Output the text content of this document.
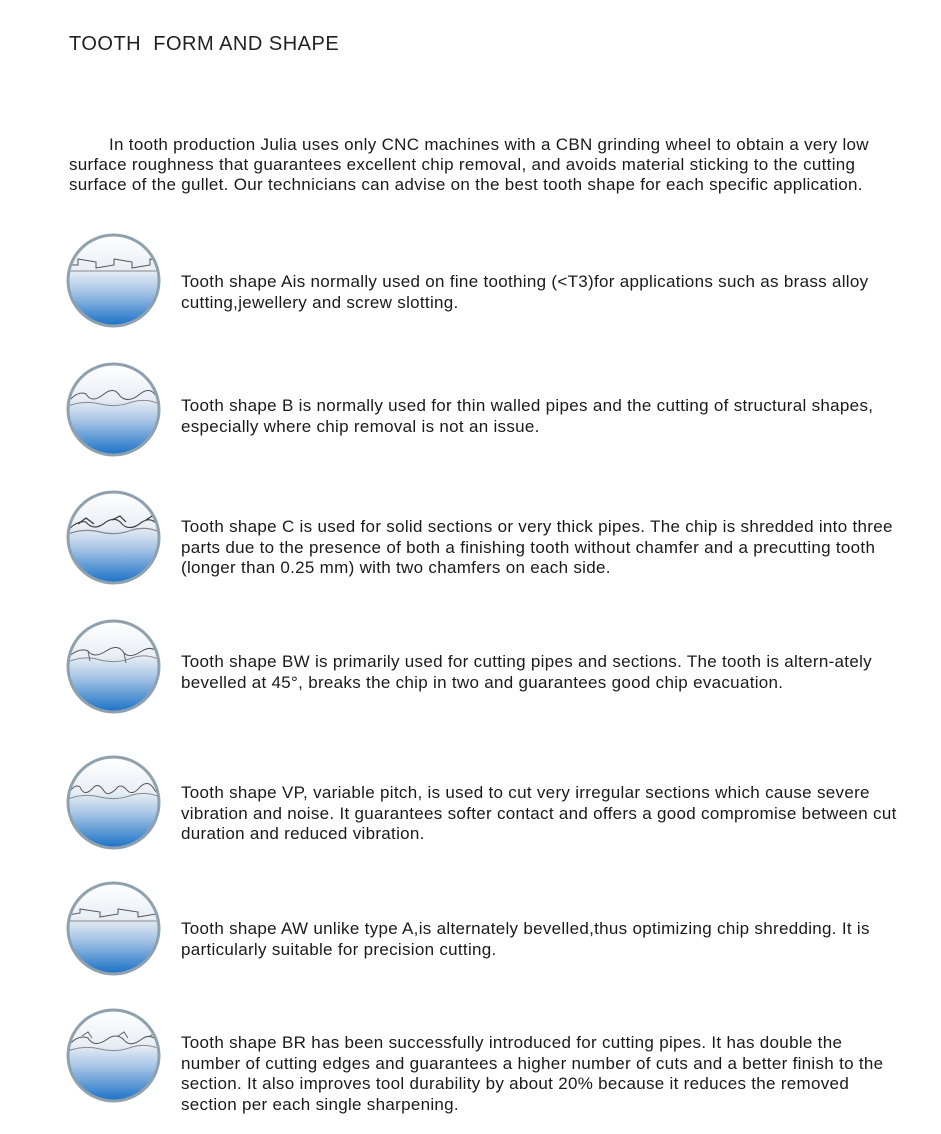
TOOTH  FORM AND SHAPE

In tooth production Julia uses only CNC machines with a CBN grinding wheel to obtain a very low surface roughness that guarantees excellent chip removal, and avoids material sticking to the cutting surface of the gullet. Our technicians can advise on the best tooth shape for each specific application.

Tooth shape Ais normally used on fine toothing (<T3)for applications such as brass alloy cutting,jewellery and screw slotting.

Tooth shape B is normally used for thin walled pipes and the cutting of structural shapes, especially where chip removal is not an issue.

Tooth shape C is used for solid sections or very thick pipes. The chip is shredded into three parts due to the presence of both a finishing tooth without chamfer and a precutting tooth (longer than 0.25 mm) with two chamfers on each side.

Tooth shape BW is primarily used for cutting pipes and sections. The tooth is altern-ately bevelled at 45°, breaks the chip in two and guarantees good chip evacuation.

Tooth shape VP, variable pitch, is used to cut very irregular sections which cause severe vibration and noise. It guarantees softer contact and offers a good compromise between cut duration and reduced vibration.

Tooth shape AW unlike type A,is alternately bevelled,thus optimizing chip shredding. It is particularly suitable for precision cutting.

Tooth shape BR has been successfully introduced for cutting pipes. It has double the number of cutting edges and guarantees a higher number of cuts and a better finish to the section. It also improves tool durability by about 20% because it reduces the removed section per each single sharpening.
